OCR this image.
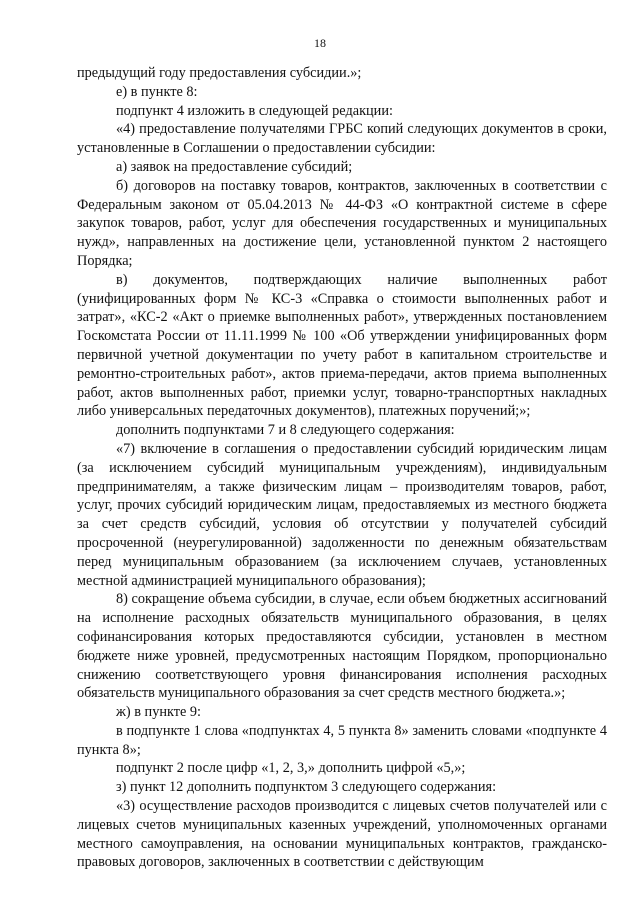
18

предыдущий году предоставления субсидии.»;

е) в пункте 8:

подпункт 4 изложить в следующей редакции:

«4) предоставление получателями ГРБС копий следующих документов в сроки, установленные в Соглашении о предоставлении субсидии:

а) заявок на предоставление субсидий;

б) договоров на поставку товаров, контрактов, заключенных в соответствии с Федеральным законом от 05.04.2013 № 44-ФЗ «О контрактной системе в сфере закупок товаров, работ, услуг для обеспечения государственных и муниципальных нужд», направленных на достижение цели, установленной пунктом 2 настоящего Порядка;

в) документов, подтверждающих наличие выполненных работ (унифицированных форм № КС-3 «Справка о стоимости выполненных работ и затрат», «КС-2 «Акт о приемке выполненных работ», утвержденных постановлением Госкомстата России от 11.11.1999 № 100 «Об утверждении унифицированных форм первичной учетной документации по учету работ в капитальном строительстве и ремонтно-строительных работ», актов приема-передачи, актов приема выполненных работ, актов выполненных работ, приемки услуг, товарно-транспортных накладных либо универсальных передаточных документов), платежных поручений;»;

дополнить подпунктами 7 и 8 следующего содержания:

«7) включение в соглашения о предоставлении субсидий юридическим лицам (за исключением субсидий муниципальным учреждениям), индивидуальным предпринимателям, а также физическим лицам – производителям товаров, работ, услуг, прочих субсидий юридическим лицам, предоставляемых из местного бюджета за счет средств субсидий, условия об отсутствии у получателей субсидий просроченной (неурегулированной) задолженности по денежным обязательствам перед муниципальным образованием (за исключением случаев, установленных местной администрацией муниципального образования);

8) сокращение объема субсидии, в случае, если объем бюджетных ассигнований на исполнение расходных обязательств муниципального образования, в целях софинансирования которых предоставляются субсидии, установлен в местном бюджете ниже уровней, предусмотренных настоящим Порядком, пропорционально снижению соответствующего уровня финансирования исполнения расходных обязательств муниципального образования за счет средств местного бюджета.»;

ж) в пункте 9:

в подпункте 1 слова «подпунктах 4, 5 пункта 8» заменить словами «подпункте 4 пункта 8»;

подпункт 2 после цифр «1, 2, 3,» дополнить цифрой «5,»;

з) пункт 12 дополнить подпунктом 3 следующего содержания:

«3) осуществление расходов производится с лицевых счетов получателей или с лицевых счетов муниципальных казенных учреждений, уполномоченных органами местного самоуправления, на основании муниципальных контрактов, гражданско-правовых договоров, заключенных в соответствии с действующим
